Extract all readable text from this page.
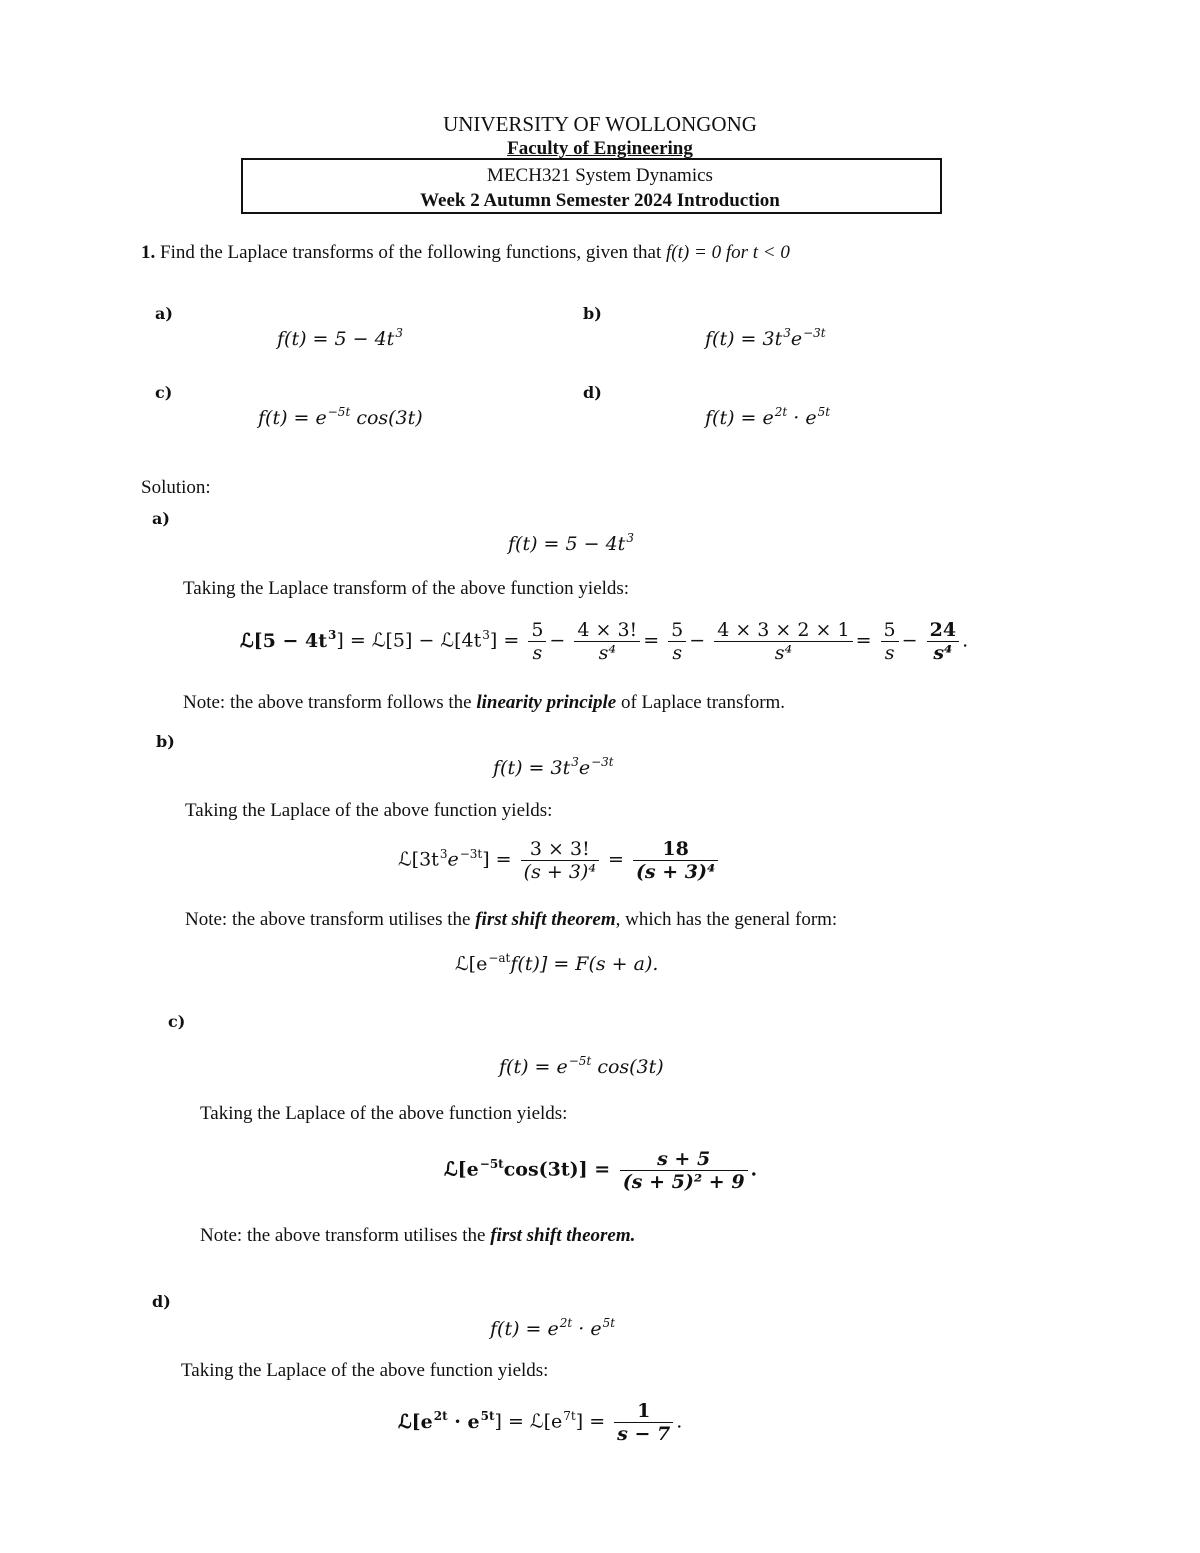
UNIVERSITY OF WOLLONGONG
Faculty of Engineering
MECH321 System Dynamics
Week 2 Autumn Semester 2024 Introduction
1. Find the Laplace transforms of the following functions, given that f(t) = 0 for t < 0
a)
$f(t) = 5 - 4t^3$
b)
$f(t) = 3t^3e^{-3t}$
c)
$f(t) = e^{-5t}$ cos(3t)
d)
$f(t) = e^{2t} \cdot e^{5t}$
Solution:
a)
$f(t) = 5 - 4t^3$
Taking the Laplace transform of the above function yields:
ℒ[5 − $4t^3$] = ℒ[5] − $ℒ[4t^3] = \frac{5}{s} - \frac{4 \times 3!}{\text{s⁴}} = \frac{5}{s} - \frac{4 \times 3 \times 2 \times 1}{\text{s⁴}} = \frac{5}{s} - \frac{24}{\text{s⁴}}$ .
Note: the above transform follows the linearity principle of Laplace transform.
b)
$f(t) = 3t^3e^{-3t}$
Taking the Laplace of the above function yields:
$ℒ[3t^3e^{-3t}] = \frac{3 \times 3!}{\text{(s + 3)⁴}} = \frac{18}{\text{(s + 3)⁴}}$
Note: the above transform utilises the first shift theorem, which has the general form:
$ℒ[e^{-at}f(t)] = F(s + a)$.
c)
$f(t) = e^{-5t}$ cos(3t)
Taking the Laplace of the above function yields:
$ℒ[e^{-5t}\cos(3t)] = \frac{s + 5}{\text{(s + 5)² + 9}}$ .
Note: the above transform utilises the first shift theorem.
d)
$f(t) = e^{2t} \cdot e^{5t}$
Taking the Laplace of the above function yields:
$ℒ[e^{2t} \cdot e^{5t}]$ = $ℒ[e^{7t}] = \frac{1}{s - 7}$ .
